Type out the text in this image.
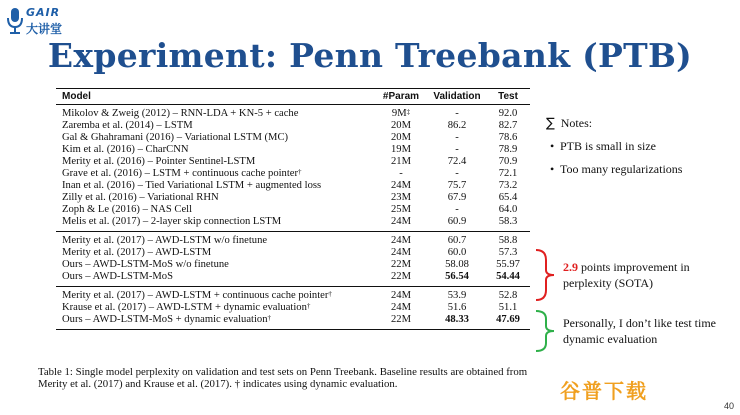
GAIR
大讲堂
Experiment: Penn Treebank (PTB)
Model	#Param	Validation	Test
Mikolov & Zweig (2012) – RNN-LDA + KN-5 + cache	9M‡	-	92.0
Zaremba et al. (2014) – LSTM	20M	86.2	82.7
Gal & Ghahramani (2016) – Variational LSTM (MC)	20M	-	78.6
Kim et al. (2016) – CharCNN	19M	-	78.9
Merity et al. (2016) – Pointer Sentinel-LSTM	21M	72.4	70.9
Grave et al. (2016) – LSTM + continuous cache pointer†	-	-	72.1
Inan et al. (2016) – Tied Variational LSTM + augmented loss	24M	75.7	73.2
Zilly et al. (2016) – Variational RHN	23M	67.9	65.4
Zoph & Le (2016) – NAS Cell	25M	-	64.0
Melis et al. (2017) – 2-layer skip connection LSTM	24M	60.9	58.3
Merity et al. (2017) – AWD-LSTM w/o finetune	24M	60.7	58.8
Merity et al. (2017) – AWD-LSTM	24M	60.0	57.3
Ours – AWD-LSTM-MoS w/o finetune	22M	58.08	55.97
Ours – AWD-LSTM-MoS	22M	56.54	54.44
Merity et al. (2017) – AWD-LSTM + continuous cache pointer†	24M	53.9	52.8
Krause et al. (2017) – AWD-LSTM + dynamic evaluation†	24M	51.6	51.1
Ours – AWD-LSTM-MoS + dynamic evaluation†	22M	48.33	47.69
Table 1: Single model perplexity on validation and test sets on Penn Treebank. Baseline results are obtained from Merity et al. (2017) and Krause et al. (2017). † indicates using dynamic evaluation.
∑ Notes:
• PTB is small in size
• Too many regularizations
2.9 points improvement in perplexity (SOTA)
Personally, I don’t like test time dynamic evaluation
谷普下载
40
